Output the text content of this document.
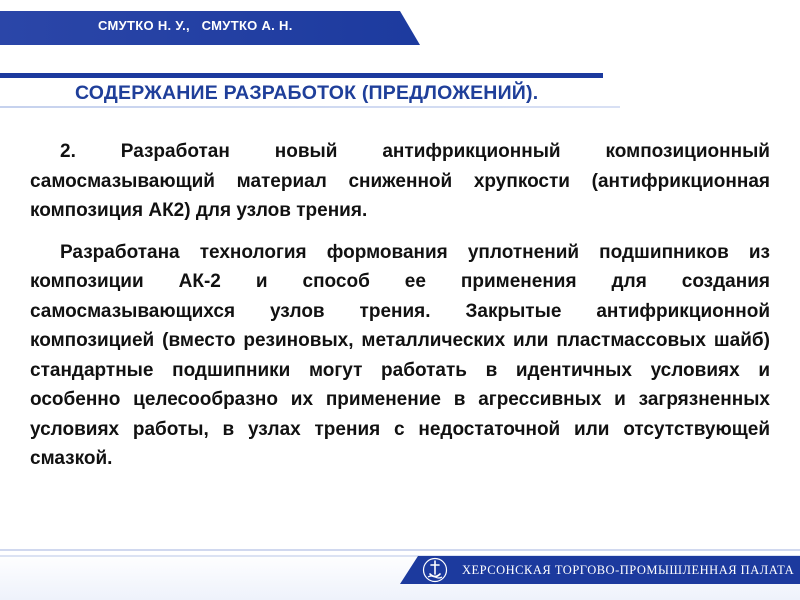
СМУТКО Н. У.,   СМУТКО А. Н.
СОДЕРЖАНИЕ РАЗРАБОТОК (ПРЕДЛОЖЕНИЙ).

2. Разработан новый антифрикционный композиционный самосмазывающий материал сниженной хрупкости (антифрикционная композиция АК2) для узлов трения.

Разработана технология формования уплотнений подшипников из композиции АК-2 и способ ее применения для создания самосмазывающихся узлов трения. Закрытые антифрикционной композицией (вместо резиновых, металлических или пластмассовых шайб) стандартные подшипники могут работать в идентичных условиях и особенно целесообразно их применение в агрессивных и загрязненных условиях работы, в узлах трения с недостаточной или отсутствующей смазкой.

ХЕРСОНСКАЯ ТОРГОВО-ПРОМЫШЛЕННАЯ ПАЛАТА
